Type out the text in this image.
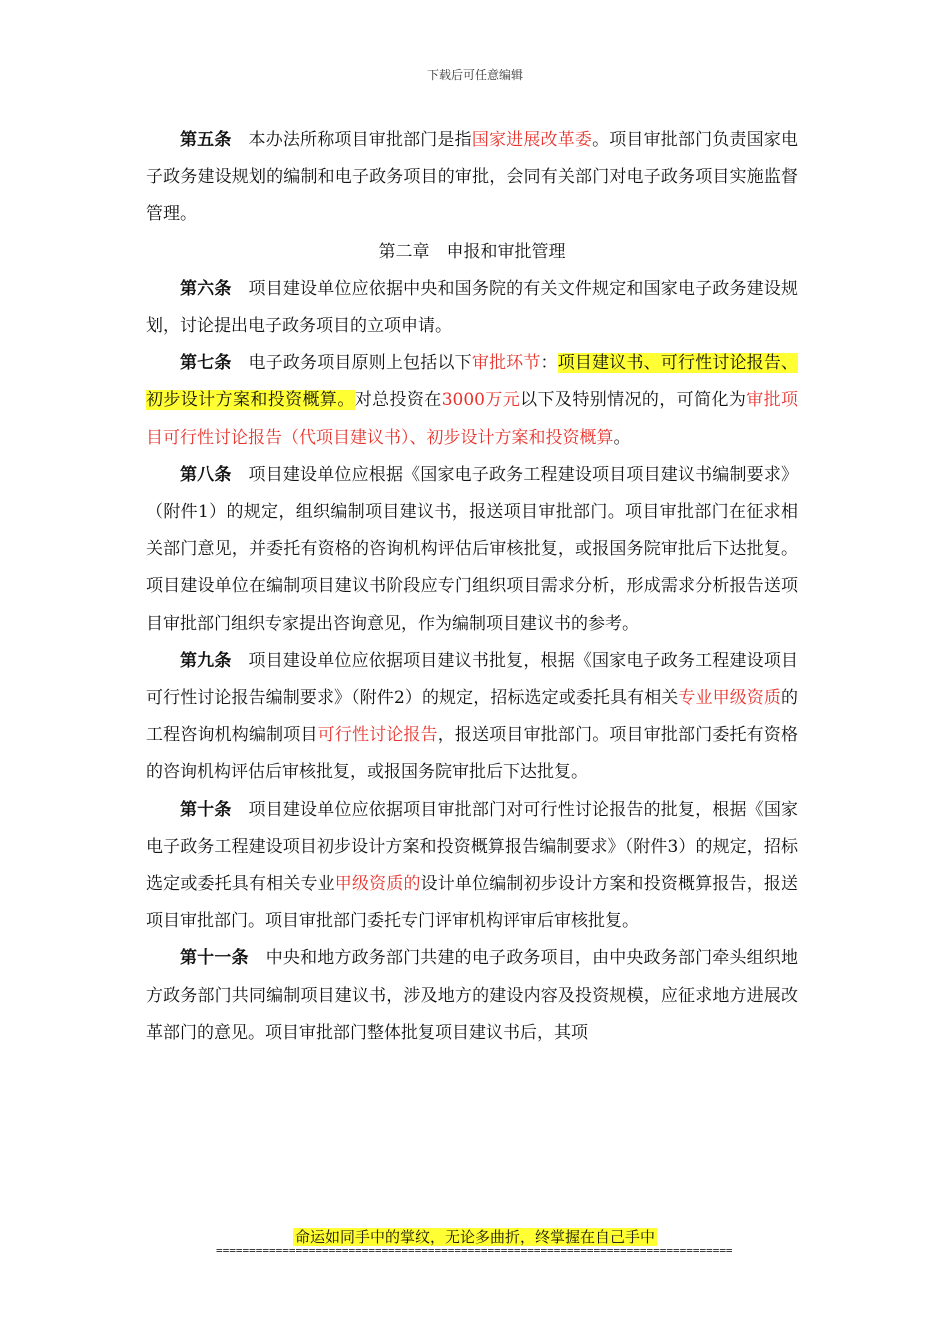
下载后可任意编辑

第五条 本办法所称项目审批部门是指国家进展改革委。项目审批部门负责国家电子政务建设规划的编制和电子政务项目的审批，会同有关部门对电子政务项目实施监督管理。

第二章　申报和审批管理

第六条 项目建设单位应依据中央和国务院的有关文件规定和国家电子政务建设规划，讨论提出电子政务项目的立项申请。

第七条 电子政务项目原则上包括以下审批环节：项目建议书、可行性讨论报告、初步设计方案和投资概算。对总投资在3000万元以下及特别情况的，可简化为审批项目可行性讨论报告（代项目建议书）、初步设计方案和投资概算。

第八条 项目建设单位应根据《国家电子政务工程建设项目项目建议书编制要求》（附件1）的规定，组织编制项目建议书，报送项目审批部门。项目审批部门在征求相关部门意见，并委托有资格的咨询机构评估后审核批复，或报国务院审批后下达批复。项目建设单位在编制项目建议书阶段应专门组织项目需求分析，形成需求分析报告送项目审批部门组织专家提出咨询意见，作为编制项目建议书的参考。

第九条 项目建设单位应依据项目建议书批复，根据《国家电子政务工程建设项目可行性讨论报告编制要求》（附件2）的规定，招标选定或委托具有相关专业甲级资质的工程咨询机构编制项目可行性讨论报告，报送项目审批部门。项目审批部门委托有资格的咨询机构评估后审核批复，或报国务院审批后下达批复。

第十条 项目建设单位应依据项目审批部门对可行性讨论报告的批复，根据《国家电子政务工程建设项目初步设计方案和投资概算报告编制要求》（附件3）的规定，招标选定或委托具有相关专业甲级资质的设计单位编制初步设计方案和投资概算报告，报送项目审批部门。项目审批部门委托专门评审机构评审后审核批复。

第十一条 中央和地方政务部门共建的电子政务项目，由中央政务部门牵头组织地方政务部门共同编制项目建议书，涉及地方的建设内容及投资规模，应征求地方进展改革部门的意见。项目审批部门整体批复项目建议书后，其项

命运如同手中的掌纹，无论多曲折，终掌握在自己手中
==============================================================================
